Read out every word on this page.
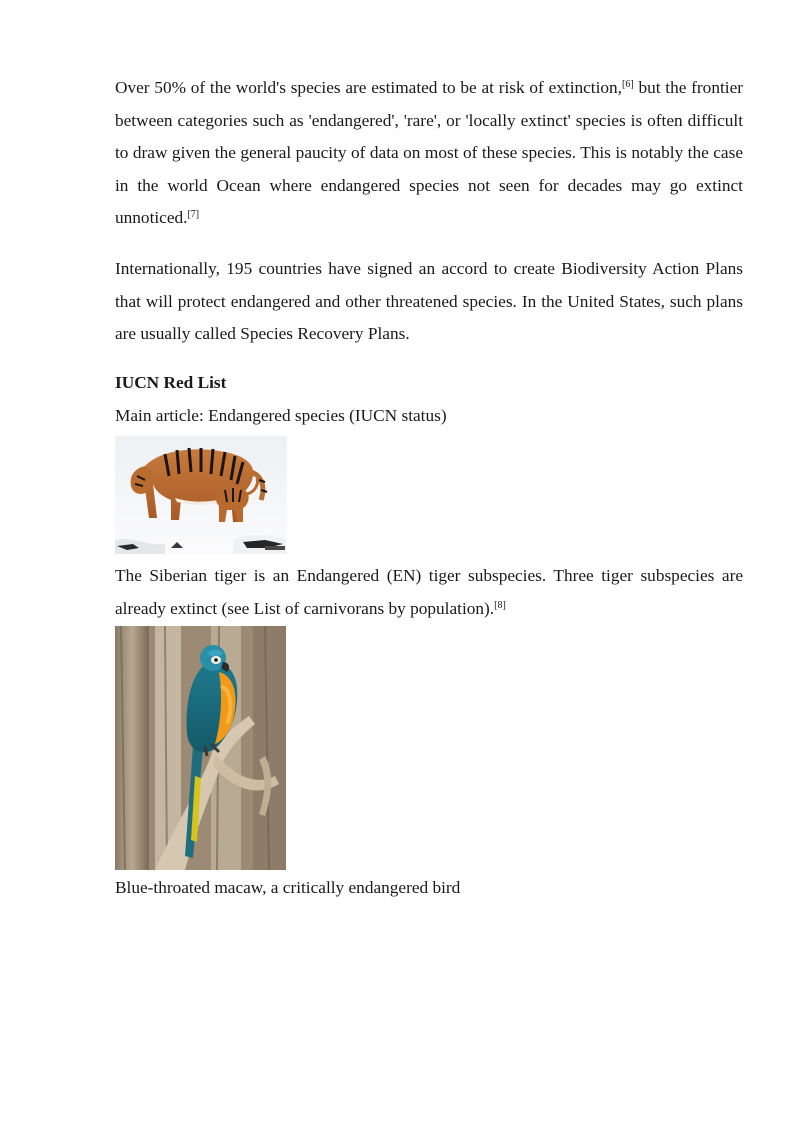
Over 50% of the world's species are estimated to be at risk of extinction,[6] but the frontier between categories such as 'endangered', 'rare', or 'locally extinct' species is often difficult to draw given the general paucity of data on most of these species. This is notably the case in the world Ocean where endangered species not seen for decades may go extinct unnoticed.[7]

Internationally, 195 countries have signed an accord to create Biodiversity Action Plans that will protect endangered and other threatened species. In the United States, such plans are usually called Species Recovery Plans.

IUCN Red List

Main article: Endangered species (IUCN status)

The Siberian tiger is an Endangered (EN) tiger subspecies. Three tiger subspecies are already extinct (see List of carnivorans by population).[8]

Blue-throated macaw, a critically endangered bird
